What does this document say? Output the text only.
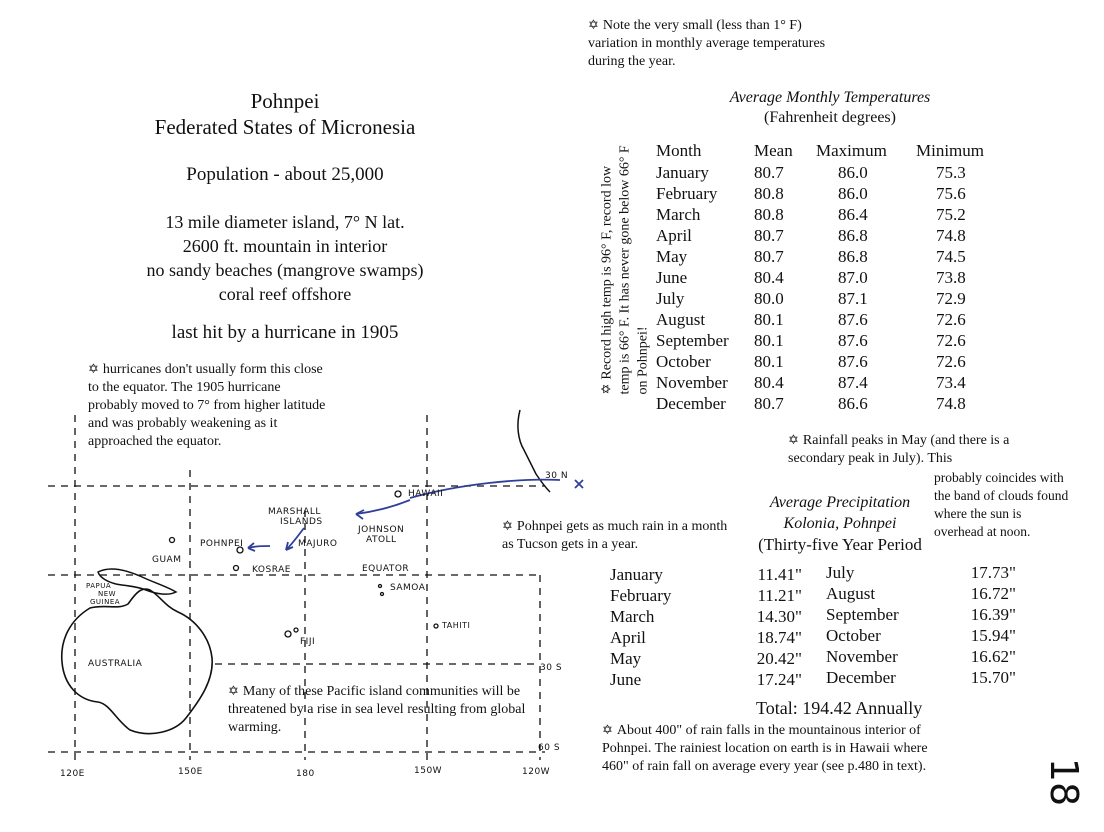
Pohnpei
Federated States of Micronesia
Population - about 25,000
13 mile diameter island, 7° N lat.
2600 ft. mountain in interior
no sandy beaches (mangrove swamps)
coral reef offshore
last hit by a hurricane in 1905
✡ hurricanes don't usually form this close to the equator. The 1905 hurricane probably moved to 7° from higher latitude and was probably weakening as it approached the equator.
✡ Note the very small (less than 1° F) variation in monthly average temperatures during the year.
Average Monthly Temperatures
(Fahrenheit degrees)
✡Record high temp is 96° F, record low temp is 66° F. It has never gone below 66° F on Pohnpei!
Month	Mean	Maximum	Minimum
January	80.7	86.0	75.3
February	80.8	86.0	75.6
March	80.8	86.4	75.2
April	80.7	86.8	74.8
May	80.7	86.8	74.5
June	80.4	87.0	73.8
July	80.0	87.1	72.9
August	80.1	87.6	72.6
September	80.1	87.6	72.6
October	80.1	87.6	72.6
November	80.4	87.4	73.4
December	80.7	86.6	74.8
✡ Rainfall peaks in May (and there is a secondary peak in July). This
probably coincides with the band of clouds found where the sun is overhead at noon.
Average Precipitation
Kolonia, Pohnpei
(Thirty-five Year Period
✡ Pohnpei gets as much rain in a month as Tucson gets in a year.
January	11.41"
February	11.21"
March	14.30"
April	18.74"
May	20.42"
June	17.24"
July	17.73"
August	16.72"
September	16.39"
October	15.94"
November	16.62"
December	15.70"
Total: 194.42 Annually
✡ About 400" of rain falls in the mountainous interior of Pohnpei. The rainiest location on earth is in Hawaii where 460" of rain fall on average every year (see p.480 in text).
✡ Many of these Pacific island communities will be threatened by a rise in sea level resulting from global warming.
18
HAWAII
MARSHALL
ISLANDS
JOHNSON
ATOLL
POHNPEI	MAJURO
KOSRAE
GUAM
EQUATOR
SAMOA
PAPUA
NEW
GUINEA
TAHITI
FIJI
AUSTRALIA
30 N
30 S
60 S
120E	150E	180	150W	120W
